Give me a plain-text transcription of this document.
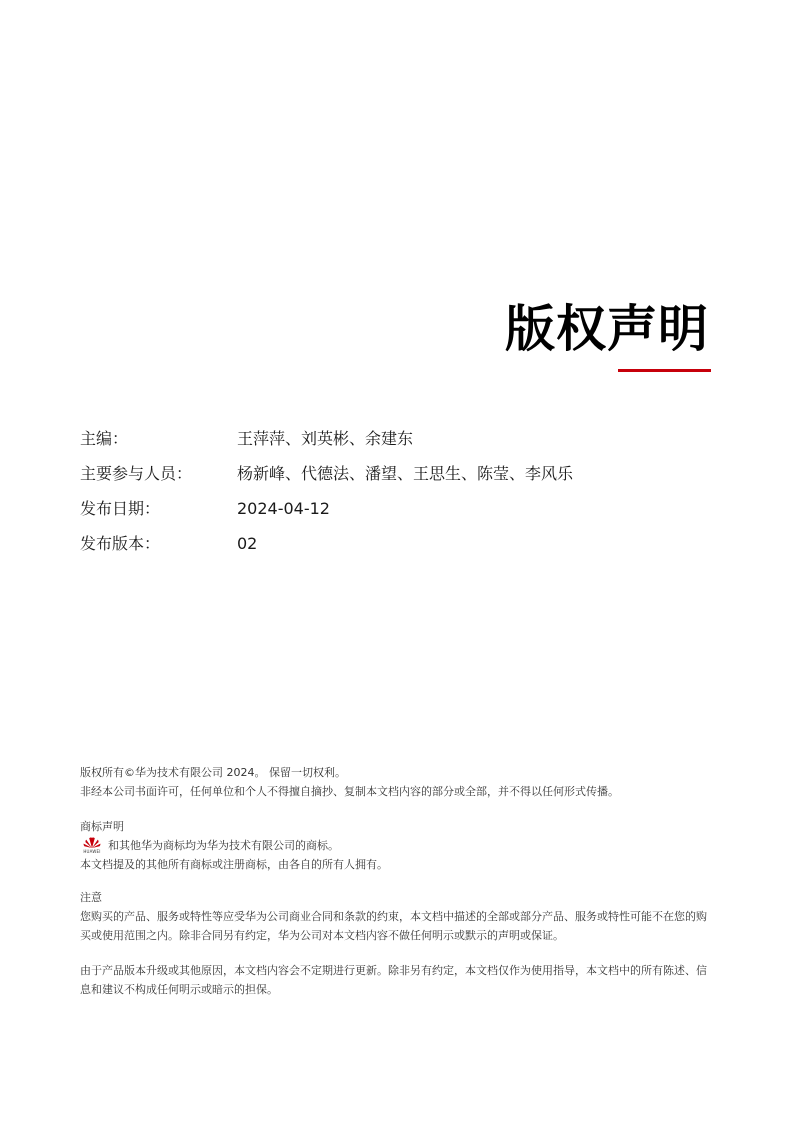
版权声明
主编：	王萍萍、刘英彬、余建东
主要参与人员：	杨新峰、代德法、潘望、王思生、陈莹、李风乐
发布日期：	2024-04-12
发布版本：	02

版权所有©华为技术有限公司 2024。 保留一切权利。

非经本公司书面许可，任何单位和个人不得擅自摘抄、复制本文档内容的部分或全部，并不得以任何形式传播。

商标声明

HUAWEI 和其他华为商标均为华为技术有限公司的商标。

本文档提及的其他所有商标或注册商标，由各自的所有人拥有。

注意

您购买的产品、服务或特性等应受华为公司商业合同和条款的约束，本文档中描述的全部或部分产品、服务或特性可能不在您的购买或使用范围之内。除非合同另有约定，华为公司对本文档内容不做任何明示或默示的声明或保证。

由于产品版本升级或其他原因，本文档内容会不定期进行更新。除非另有约定，本文档仅作为使用指导，本文档中的所有陈述、信息和建议不构成任何明示或暗示的担保。
